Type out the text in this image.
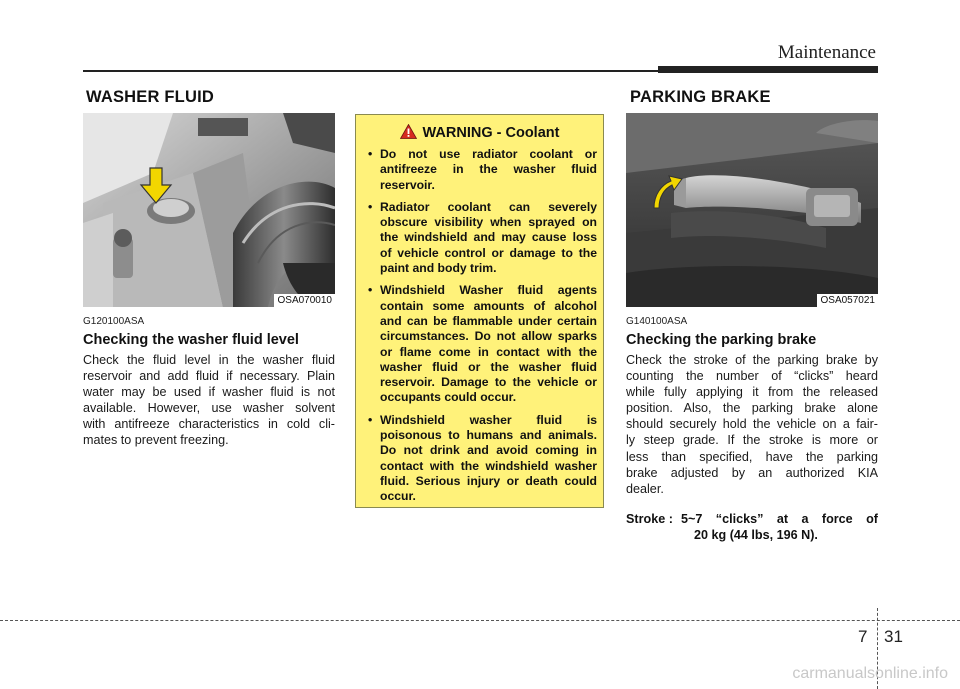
Maintenance
WASHER FLUID
OSA070010
G120100ASA
Checking the washer fluid level
Check the fluid level in the washer fluid
reservoir and add fluid if necessary. Plain
water may be used if washer fluid is not
available. However, use washer solvent
with antifreeze characteristics in cold cli-
mates to prevent freezing.
WARNING - Coolant
• Do not use radiator coolant or antifreeze in the washer fluid reservoir.
• Radiator coolant can severely obscure visibility when sprayed on the windshield and may cause loss of vehicle control or damage to the paint and body trim.
• Windshield Washer fluid agents contain some amounts of alcohol and can be flammable under certain circumstances. Do not allow sparks or flame come in contact with the washer fluid or the washer fluid reservoir. Damage to the vehicle or occupants could occur.
• Windshield washer fluid is poisonous to humans and animals. Do not drink and avoid coming in contact with the windshield washer fluid. Serious injury or death could occur.
PARKING BRAKE
OSA057021
G140100ASA
Checking the parking brake
Check the stroke of the parking brake by
counting the number of “clicks” heard
while fully applying it from the released
position. Also, the parking brake alone
should securely hold the vehicle on a fair-
ly steep grade. If the stroke is more or
less than specified, have the parking
brake adjusted by an authorized KIA
dealer.
Stroke : 5~7  “clicks”  at  a  force  of
20 kg (44 lbs, 196 N).
7 31
carmanualsonline.info
